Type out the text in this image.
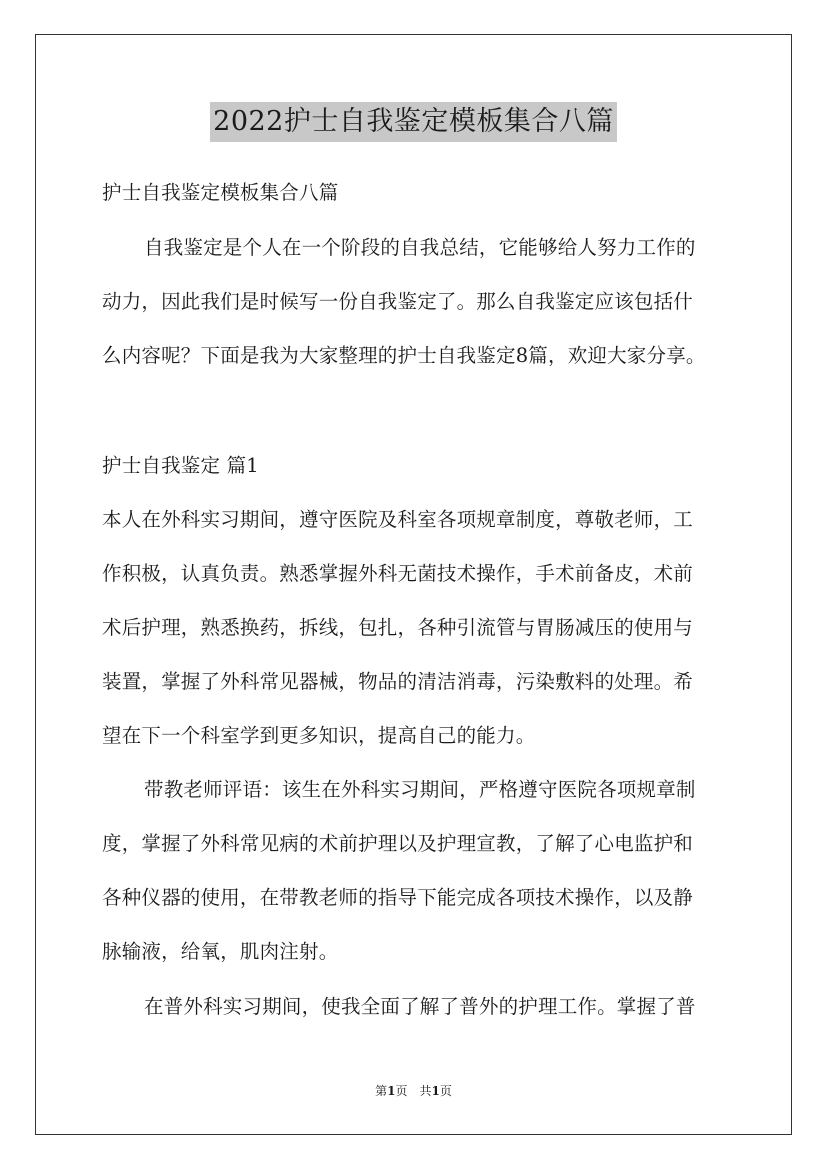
2022护士自我鉴定模板集合八篇
护士自我鉴定模板集合八篇
自我鉴定是个人在一个阶段的自我总结，它能够给人努力工作的
动力，因此我们是时候写一份自我鉴定了。那么自我鉴定应该包括什
么内容呢？下面是我为大家整理的护士自我鉴定8篇，欢迎大家分享。
护士自我鉴定 篇1
本人在外科实习期间，遵守医院及科室各项规章制度，尊敬老师，工
作积极，认真负责。熟悉掌握外科无菌技术操作，手术前备皮，术前
术后护理，熟悉换药，拆线，包扎，各种引流管与胃肠减压的使用与
装置，掌握了外科常见器械，物品的清洁消毒，污染敷料的处理。希
望在下一个科室学到更多知识，提高自己的能力。
带教老师评语：该生在外科实习期间，严格遵守医院各项规章制
度，掌握了外科常见病的术前护理以及护理宣教，了解了心电监护和
各种仪器的使用，在带教老师的指导下能完成各项技术操作，以及静
脉输液，给氧，肌肉注射。
在普外科实习期间，使我全面了解了普外的护理工作。掌握了普
第1页　共1页
